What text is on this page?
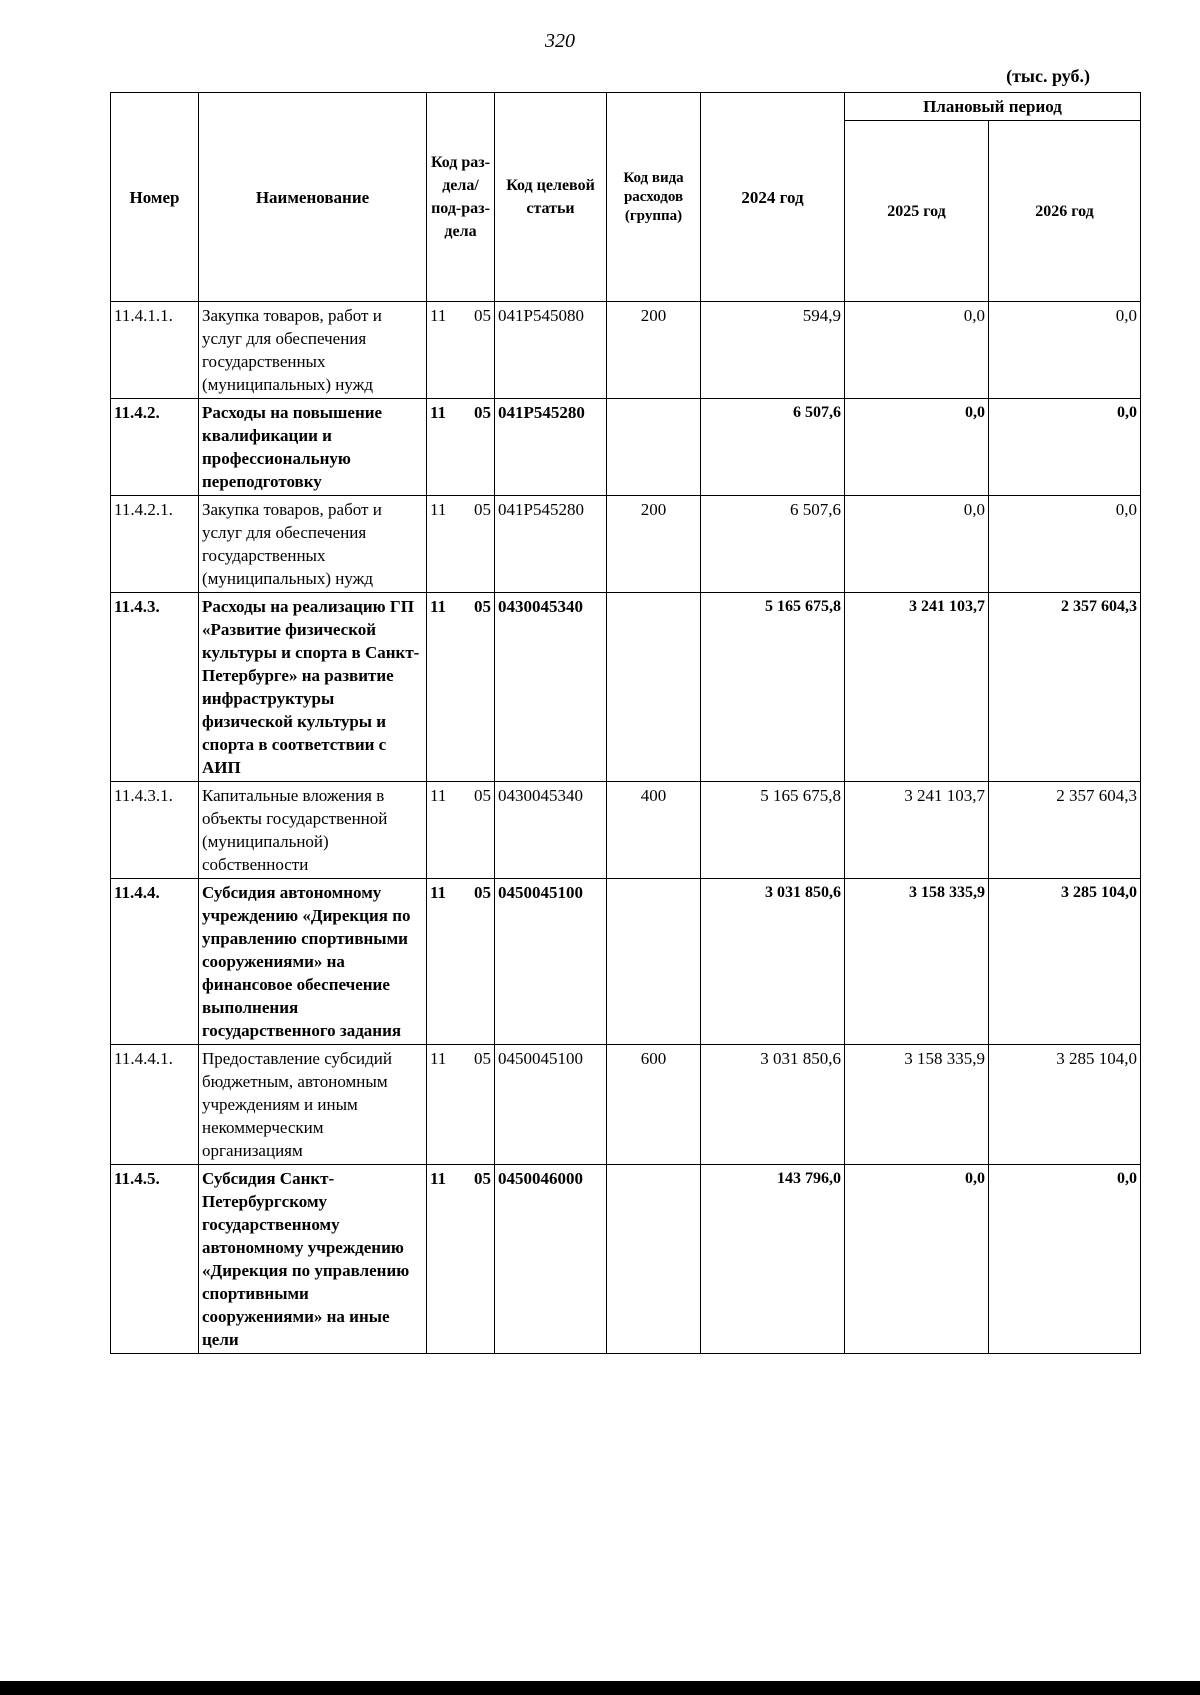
320
(тыс. руб.)
Номер	Наименование	Код раз-дела/ под-раз-дела	Код целевой статьи	Код вида расходов (группа)	2024 год	Плановый период	
						2025 год	2026 год
11.4.1.1.	Закупка товаров, работ и услуг для обеспечения государственных (муниципальных) нужд	11 05	041P545080	200	594,9	0,0	0,0
11.4.2.	Расходы на повышение квалификации и профессиональную переподготовку	11 05	041P545280		6 507,6	0,0	0,0
11.4.2.1.	Закупка товаров, работ и услуг для обеспечения государственных (муниципальных) нужд	11 05	041P545280	200	6 507,6	0,0	0,0
11.4.3.	Расходы на реализацию ГП «Развитие физической культуры и спорта в Санкт-Петербурге» на развитие инфраструктуры физической культуры и спорта в соответствии с АИП	11 05	0430045340		5 165 675,8	3 241 103,7	2 357 604,3
11.4.3.1.	Капитальные вложения в объекты государственной (муниципальной) собственности	11 05	0430045340	400	5 165 675,8	3 241 103,7	2 357 604,3
11.4.4.	Субсидия автономному учреждению «Дирекция по управлению спортивными сооружениями» на финансовое обеспечение выполнения государственного задания	11 05	0450045100		3 031 850,6	3 158 335,9	3 285 104,0
11.4.4.1.	Предоставление субсидий бюджетным, автономным учреждениям и иным некоммерческим организациям	11 05	0450045100	600	3 031 850,6	3 158 335,9	3 285 104,0
11.4.5.	Субсидия Санкт-Петербургскому государственному автономному учреждению «Дирекция по управлению спортивными сооружениями» на иные цели	11 05	0450046000		143 796,0	0,0	0,0
